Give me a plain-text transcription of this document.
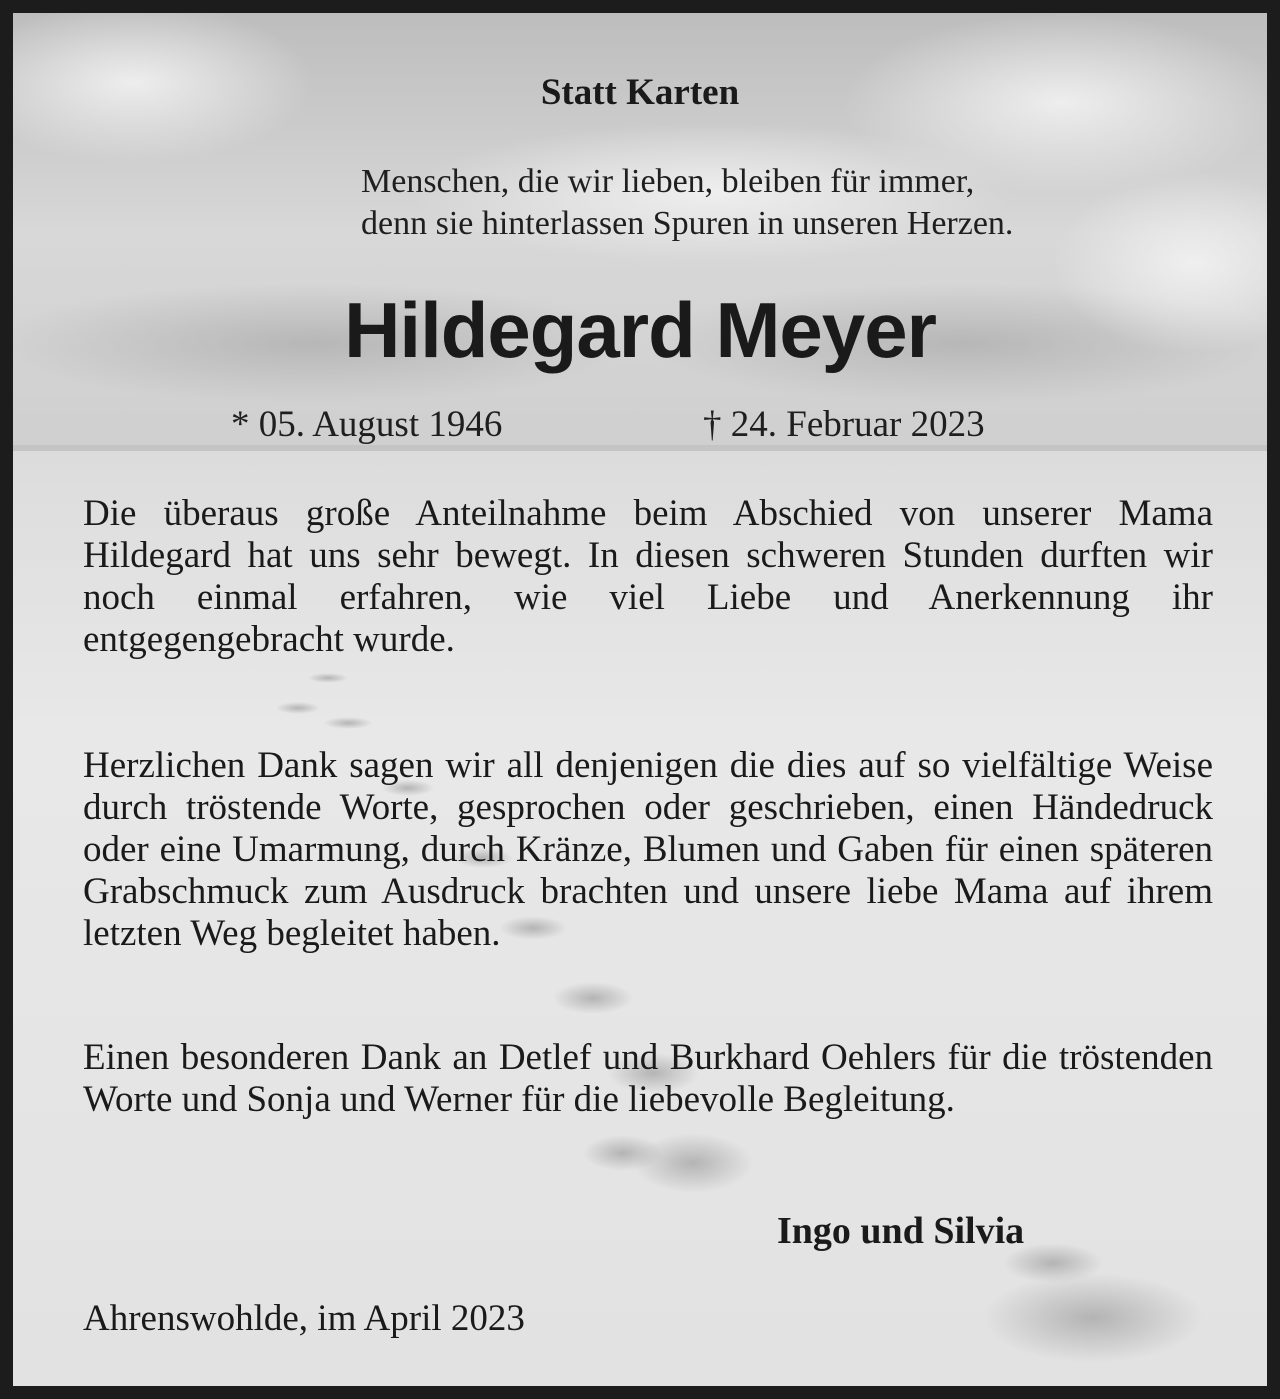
Statt Karten
Menschen, die wir lieben, bleiben für immer,
denn sie hinterlassen Spuren in unseren Herzen.
Hildegard Meyer
* 05. August 1946	† 24. Februar 2023

Die überaus große Anteilnahme beim Abschied von unserer Mama Hildegard hat uns sehr bewegt. In diesen schweren Stunden durften wir noch einmal erfahren, wie viel Liebe und Anerkennung ihr entgegengebracht wurde.

Herzlichen Dank sagen wir all denjenigen die dies auf so vielfältige Weise durch tröstende Worte, gesprochen oder geschrieben, einen Händedruck oder eine Umarmung, durch Kränze, Blumen und Gaben für einen späteren Grabschmuck zum Ausdruck brachten und unsere liebe Mama auf ihrem letzten Weg begleitet haben.

Einen besonderen Dank an Detlef und Burkhard Oehlers für die tröstenden Worte und Sonja und Werner für die liebevolle Begleitung.

Ingo und Silvia
Ahrenswohlde, im April 2023
